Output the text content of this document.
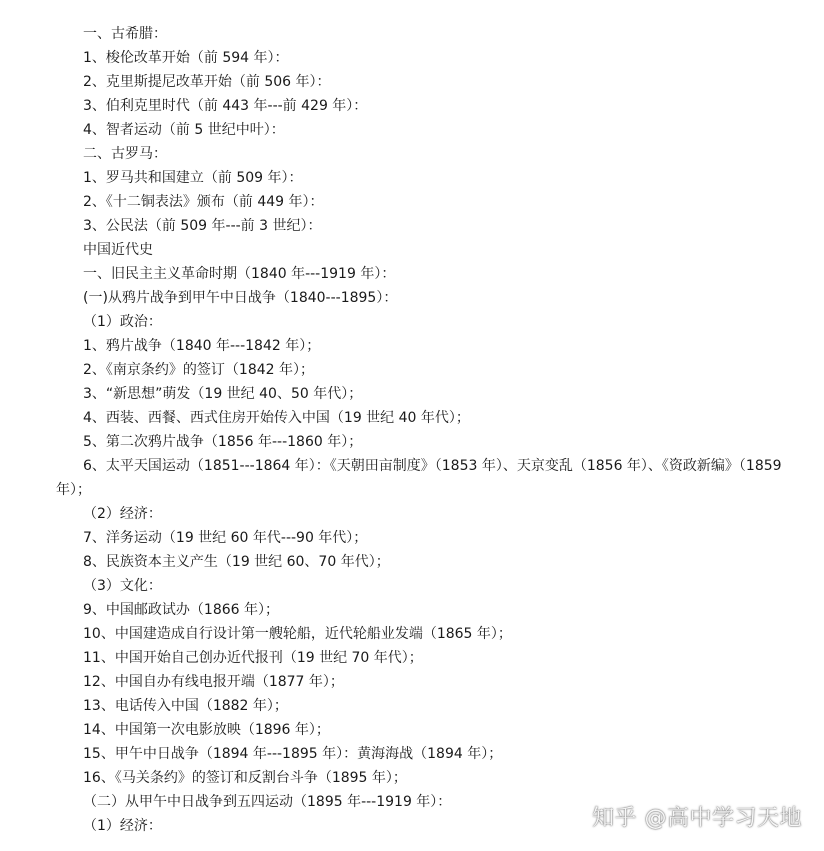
一、古希腊：
1、梭伦改革开始（前 594 年）：
2、克里斯提尼改革开始（前 506 年）：
3、伯利克里时代（前 443 年---前 429 年）：
4、智者运动（前 5 世纪中叶）：
二、古罗马：
1、罗马共和国建立（前 509 年）：
2、《十二铜表法》颁布（前 449 年）：
3、公民法（前 509 年---前 3 世纪）：
中国近代史
一、旧民主主义革命时期（1840 年---1919 年）：
(一)从鸦片战争到甲午中日战争（1840---1895）：
（1）政治：
1、鸦片战争（1840 年---1842 年）；
2、《南京条约》的签订（1842 年）；
3、“新思想”萌发（19 世纪 40、50 年代）；
4、西装、西餐、西式住房开始传入中国（19 世纪 40 年代）；
5、第二次鸦片战争（1856 年---1860 年）；
6、太平天国运动（1851---1864 年）：《天朝田亩制度》（1853 年）、天京变乱（1856 年）、《资政新编》（1859
年）；
（2）经济：
7、洋务运动（19 世纪 60 年代---90 年代）；
8、民族资本主义产生（19 世纪 60、70 年代）；
（3）文化：
9、中国邮政试办（1866 年）；
10、中国建造成自行设计第一艘轮船，近代轮船业发端（1865 年）；
11、中国开始自己创办近代报刊（19 世纪 70 年代）；
12、中国自办有线电报开端（1877 年）；
13、电话传入中国（1882 年）；
14、中国第一次电影放映（1896 年）；
15、甲午中日战争（1894 年---1895 年）：黄海海战（1894 年）；
16、《马关条约》的签订和反割台斗争（1895 年）；
（二）从甲午中日战争到五四运动（1895 年---1919 年）：
（1）经济：	知乎 @高中学习天地
